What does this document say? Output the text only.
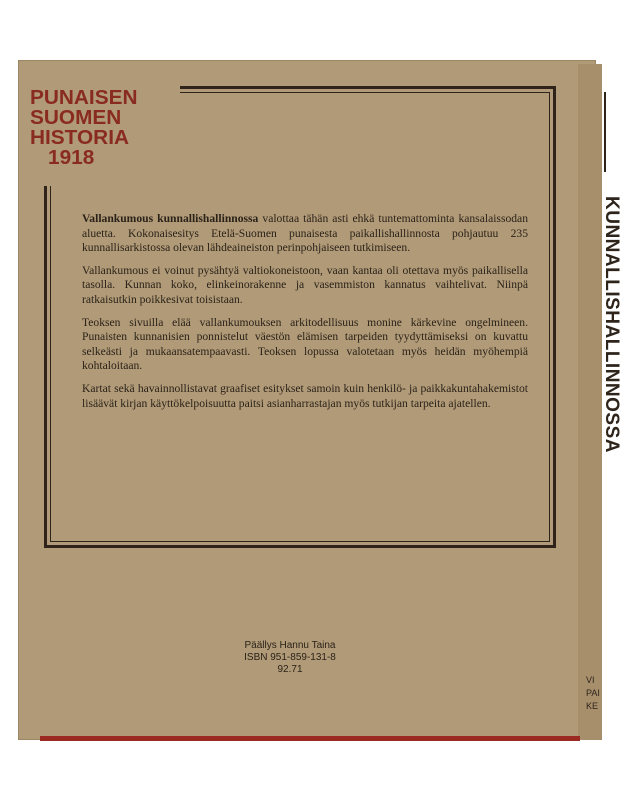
PUNAISEN
SUOMEN
HISTORIA
1918

Vallankumous kunnallishallinnossa valottaa tähän asti ehkä tuntemattominta kansalaissodan aluetta. Kokonaisesitys Etelä-Suomen punaisesta paikallishallinnosta pohjautuu 235 kunnallisarkistossa olevan lähdeaineiston perinpohjaiseen tutkimiseen.

Vallankumous ei voinut pysähtyä valtiokoneistoon, vaan kantaa oli otettava myös paikallisella tasolla. Kunnan koko, elinkeinorakenne ja vasemmiston kannatus vaihtelivat. Niinpä ratkaisutkin poikkesivat toisistaan.

Teoksen sivuilla elää vallankumouksen arkitodellisuus monine kärkevine ongelmineen. Punaisten kunnanisien ponnistelut väestön elämisen tarpeiden tyydyttämiseksi on kuvattu selkeästi ja mukaansatempaavasti. Teoksen lopussa valotetaan myös heidän myöhempiä kohtaloitaan.

Kartat sekä havainnollistavat graafiset esitykset samoin kuin henkilö- ja paikkakuntahakemistot lisäävät kirjan käyttökelpoisuutta paitsi asianharrastajan myös tutkijan tarpeita ajatellen.

Päällys Hannu Taina
ISBN 951-859-131-8
92.71
KUNNALLISHALLINNOSSA
VI
PAI
KE
